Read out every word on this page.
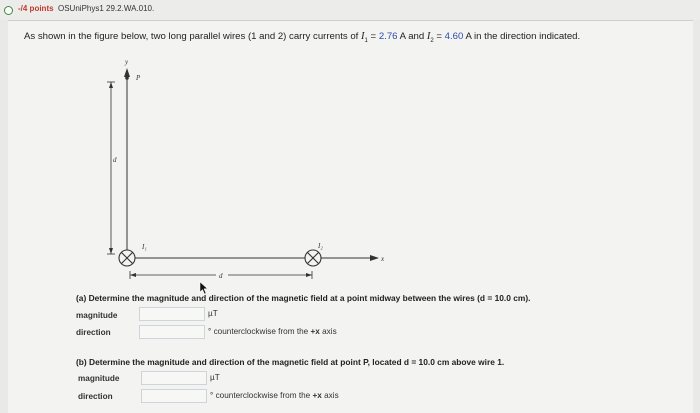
-/4 points OSUniPhys1 29.2.WA.010.
As shown in the figure below, two long parallel wires (1 and 2) carry currents of $I_1 = 2.76$ A and $I_2 = 4.60$ A in the direction indicated.
y
P
d
x
I₁	I₂
d
(a) Determine the magnitude and direction of the magnetic field at a point midway between the wires (d = 10.0 cm).
magnitude	µT
direction	° counterclockwise from the +x axis
(b) Determine the magnitude and direction of the magnetic field at point P, located d = 10.0 cm above wire 1.
magnitude	µT
direction	° counterclockwise from the +x axis
